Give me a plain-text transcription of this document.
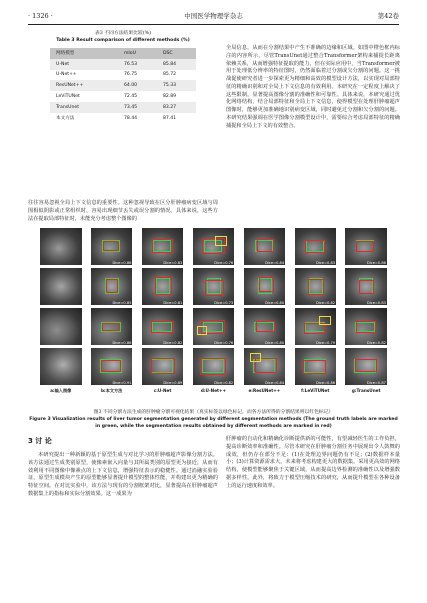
· 1326 ·	中国医学物理学杂志	第42卷
表3 不同方法结果比较(%)
Table 3 Result comparison of different methods (%)
网络模型	mIoU	DSC
U-Net	76.53	85.84
U-Net++	76.75	85.72
ResUNet++	64.00	75.33
LeViTUNet	72.45	82.89
TransUnet	73.45	83.27
本文方法	78.44	87.41

往往容易忽视全局上下文信息的重要性。这种忽视导致在区分肝肿瘤病变区域与周围相似阴影或正常组织时，容易出现细节丢失或误分割的情况。具体来说，这些方法在提取局部特征时，未能充分考虑整个图像的

全局信息，从而在分割结果中产生不准确的边缘和区域。如图中橙色框内标注的内容所示，尽管TransUnet通过整合Transformer架构来捕捉长距离依赖关系，从而增强特征提取的能力，但在实际应用中，当Transformer被用于处理低分辨率的特征图时，仍然面临着过分割或欠分割的问题。这一挑战促使研究者进一步探索更为精细和高效的模型设计方法，以实现对局部特征的精确识别和对全局上下文信息的有效利用。本研究在一定程度上解决了这些限制，显著提高图像分割的准确性和可靠性。具体来说，本研究通过优化网络结构，结合局部特征和全局上下文信息，使得模型在处理肝肿瘤超声图像时，能够更加准确地识别病变区域，同时避免过分割和欠分割的问题。本研究结果强调在医学图像分割模型设计中，需要综合考虑局部特征的精确捕捉和全局上下文的有效整合。

Dice=0.86	Dice=0.83	Dice=0.76	Dice=0.84	Dice=0.83	Dice=0.86
Dice=0.85	Dice=0.81	Dice=0.73	Dice=0.80	Dice=0.82	Dice=0.83
Dice=0.86	Dice=0.82	Dice=0.76	Dice=0.80	Dice=0.79	Dice=0.82
Dice=0.91	Dice=0.89	Dice=0.82	Dice=0.84	Dice=0.86	Dice=0.87
a:输入图像	b:本文方法	c:U-Net	d:U-Net++	e:ResUNet++	f:LeViTUNet	g:TransUnet
图3 不同分割方法生成的肝肿瘤分割可视化结果（真实标签以绿色标记，而各方法所得的分割结果则以红色标记）
Figure 3 Visualization results of liver tumor segmentation generated by different segmentation methods (The ground truth labels are marked in green, while the segmentation results obtained by different methods are marked in red)
3 讨 论

本研究提出一种新颖的基于原型生成与对比学习的肝肿瘤超声影像分割方法。该方法通过生成类别原型，使像素嵌入向量与其所属类别的原型更为接近，从而有效利用不同图像中像素点的上下文信息，增强特征表示的稳健性。通过消融实验验证，原型生成模块产生的原型能够显著提升模型的整体性能，并构建出更为精确的特征空间。在对比实验中，该方法与现有的分割框架对比，显著提高在肝肿瘤超声数据集上的指标和实际分割效果。这一成果为

肝肿瘤的自动化和精确化诊断提供新的可能性，有望减轻医生的工作负担，提高诊断效率和准确性。尽管本研究在肝肿瘤分割任务中展现出令人鼓舞的成效，但仍存在部分不足：(1)在处理边界问题仍有不足；(2)数据样本量小；(3)计算资源需求大。未来将考虑构建更大的数据集，采用更高效的网络结构，使模型能够聚焦于关键区域，从而提高边界检测的准确性以及增强数据多样性。此外，将致力于模型压缩技术的研究，从而提升模型在各种设备上的运行速度和效率。
